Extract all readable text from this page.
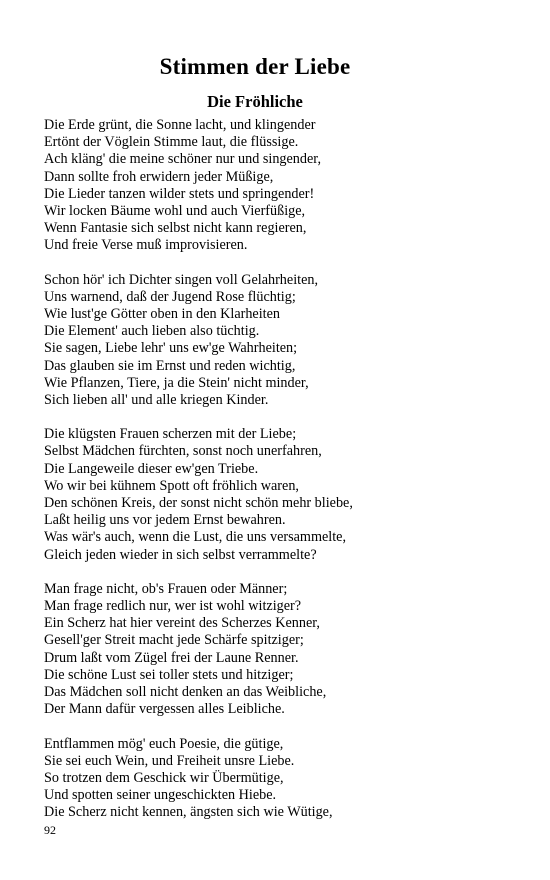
Stimmen der Liebe
Die Fröhliche

Die Erde grünt, die Sonne lacht, und klingender

Ertönt der Vöglein Stimme laut, die flüssige.

Ach kläng' die meine schöner nur und singender,

Dann sollte froh erwidern jeder Müßige,

Die Lieder tanzen wilder stets und springender!

Wir locken Bäume wohl und auch Vierfüßige,

Wenn Fantasie sich selbst nicht kann regieren,

Und freie Verse muß improvisieren.

Schon hör' ich Dichter singen voll Gelahrheiten,

Uns warnend, daß der Jugend Rose flüchtig;

Wie lust'ge Götter oben in den Klarheiten

Die Element' auch lieben also tüchtig.

Sie sagen, Liebe lehr' uns ew'ge Wahrheiten;

Das glauben sie im Ernst und reden wichtig,

Wie Pflanzen, Tiere, ja die Stein' nicht minder,

Sich lieben all' und alle kriegen Kinder.

Die klügsten Frauen scherzen mit der Liebe;

Selbst Mädchen fürchten, sonst noch unerfahren,

Die Langeweile dieser ew'gen Triebe.

Wo wir bei kühnem Spott oft fröhlich waren,

Den schönen Kreis, der sonst nicht schön mehr bliebe,

Laßt heilig uns vor jedem Ernst bewahren.

Was wär's auch, wenn die Lust, die uns versammelte,

Gleich jeden wieder in sich selbst verrammelte?

Man frage nicht, ob's Frauen oder Männer;

Man frage redlich nur, wer ist wohl witziger?

Ein Scherz hat hier vereint des Scherzes Kenner,

Gesell'ger Streit macht jede Schärfe spitziger;

Drum laßt vom Zügel frei der Laune Renner.

Die schöne Lust sei toller stets und hitziger;

Das Mädchen soll nicht denken an das Weibliche,

Der Mann dafür vergessen alles Leibliche.

Entflammen mög' euch Poesie, die gütige,

Sie sei euch Wein, und Freiheit unsre Liebe.

So trotzen dem Geschick wir Übermütige,

Und spotten seiner ungeschickten Hiebe.

Die Scherz nicht kennen, ängsten sich wie Wütige,

92
